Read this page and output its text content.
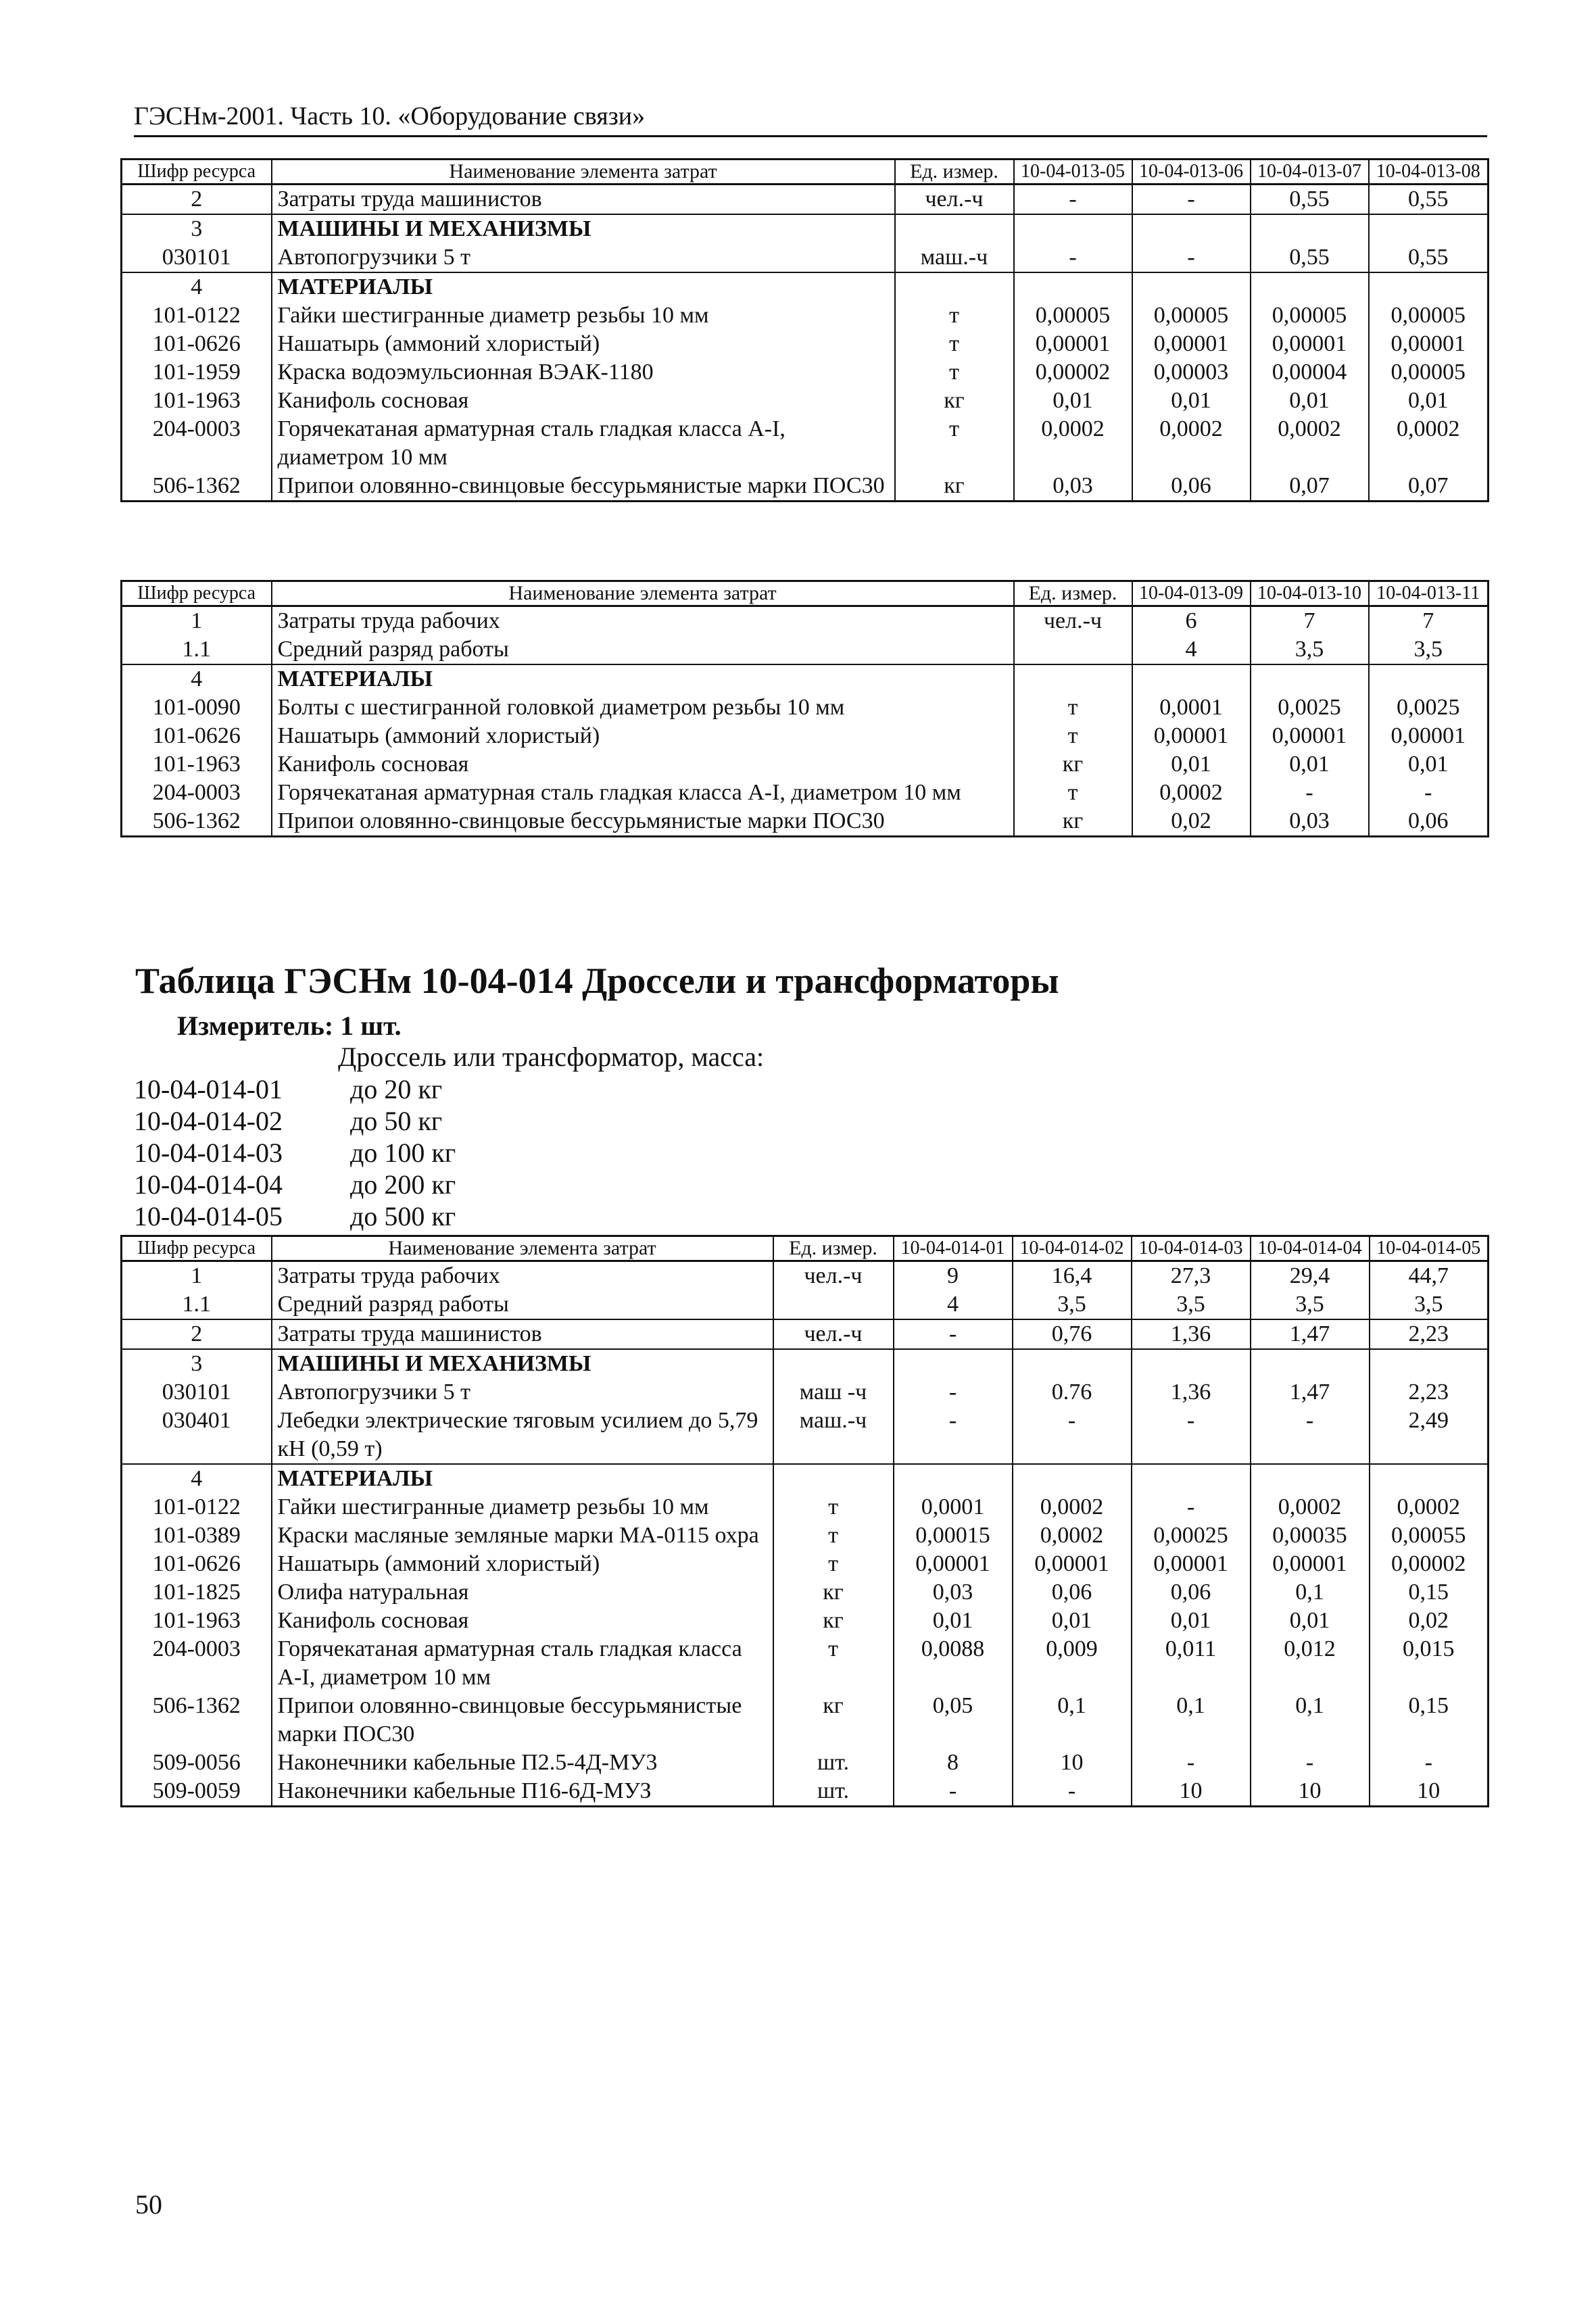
ГЭСНм-2001. Часть 10. «Оборудование связи»
Шифр ресурса	Наименование элемента затрат	Ед. измер.	10-04-013-05	10-04-013-06	10-04-013-07	10-04-013-08
2	Затраты труда машинистов	чел.-ч	-	-	0,55	0,55
3	МАШИНЫ И МЕХАНИЗМЫ					
030101	Автопогрузчики 5 т	маш.-ч	-	-	0,55	0,55
4	МАТЕРИАЛЫ					
101-0122	Гайки шестигранные диаметр резьбы 10 мм	т	0,00005	0,00005	0,00005	0,00005
101-0626	Нашатырь (аммоний хлористый)	т	0,00001	0,00001	0,00001	0,00001
101-1959	Краска водоэмульсионная ВЭАК-1180	т	0,00002	0,00003	0,00004	0,00005
101-1963	Канифоль сосновая	кг	0,01	0,01	0,01	0,01
204-0003	Горячекатаная арматурная сталь гладкая класса А-I, диаметром 10 мм	т	0,0002	0,0002	0,0002	0,0002
506-1362	Припои оловянно-свинцовые бессурьмянистые марки ПОС30	кг	0,03	0,06	0,07	0,07
Шифр ресурса	Наименование элемента затрат	Ед. измер.	10-04-013-09	10-04-013-10	10-04-013-11
1	Затраты труда рабочих	чел.-ч	6	7	7
1.1	Средний разряд работы		4	3,5	3,5
4	МАТЕРИАЛЫ				
101-0090	Болты с шестигранной головкой диаметром резьбы 10 мм	т	0,0001	0,0025	0,0025
101-0626	Нашатырь (аммоний хлористый)	т	0,00001	0,00001	0,00001
101-1963	Канифоль сосновая	кг	0,01	0,01	0,01
204-0003	Горячекатаная арматурная сталь гладкая класса А-I, диаметром 10 мм	т	0,0002	-	-
506-1362	Припои оловянно-свинцовые бессурьмянистые марки ПОС30	кг	0,02	0,03	0,06
Таблица ГЭСНм 10-04-014 Дроссели и трансформаторы
Измеритель: 1 шт.
Дроссель или трансформатор, масса:
10-04-014-01	до 20 кг
10-04-014-02	до 50 кг
10-04-014-03	до 100 кг
10-04-014-04	до 200 кг
10-04-014-05	до 500 кг
Шифр ресурса	Наименование элемента затрат	Ед. измер.	10-04-014-01	10-04-014-02	10-04-014-03	10-04-014-04	10-04-014-05
1	Затраты труда рабочих	чел.-ч	9	16,4	27,3	29,4	44,7
1.1	Средний разряд работы		4	3,5	3,5	3,5	3,5
2	Затраты труда машинистов	чел.-ч	-	0,76	1,36	1,47	2,23
3	МАШИНЫ И МЕХАНИЗМЫ						
030101	Автопогрузчики 5 т	маш -ч	-	0.76	1,36	1,47	2,23
030401	Лебедки электрические тяговым усилием до 5,79 кН (0,59 т)	маш.-ч	-	-	-	-	2,49
4	МАТЕРИАЛЫ						
101-0122	Гайки шестигранные диаметр резьбы 10 мм	т	0,0001	0,0002	-	0,0002	0,0002
101-0389	Краски масляные земляные марки МА-0115 охра	т	0,00015	0,0002	0,00025	0,00035	0,00055
101-0626	Нашатырь (аммоний хлористый)	т	0,00001	0,00001	0,00001	0,00001	0,00002
101-1825	Олифа натуральная	кг	0,03	0,06	0,06	0,1	0,15
101-1963	Канифоль сосновая	кг	0,01	0,01	0,01	0,01	0,02
204-0003	Горячекатаная арматурная сталь гладкая класса А-I, диаметром 10 мм	т	0,0088	0,009	0,011	0,012	0,015
506-1362	Припои оловянно-свинцовые бессурьмянистые марки ПОС30	кг	0,05	0,1	0,1	0,1	0,15
509-0056	Наконечники кабельные П2.5-4Д-МУ3	шт.	8	10	-	-	-
509-0059	Наконечники кабельные П16-6Д-МУЗ	шт.	-	-	10	10	10
50
